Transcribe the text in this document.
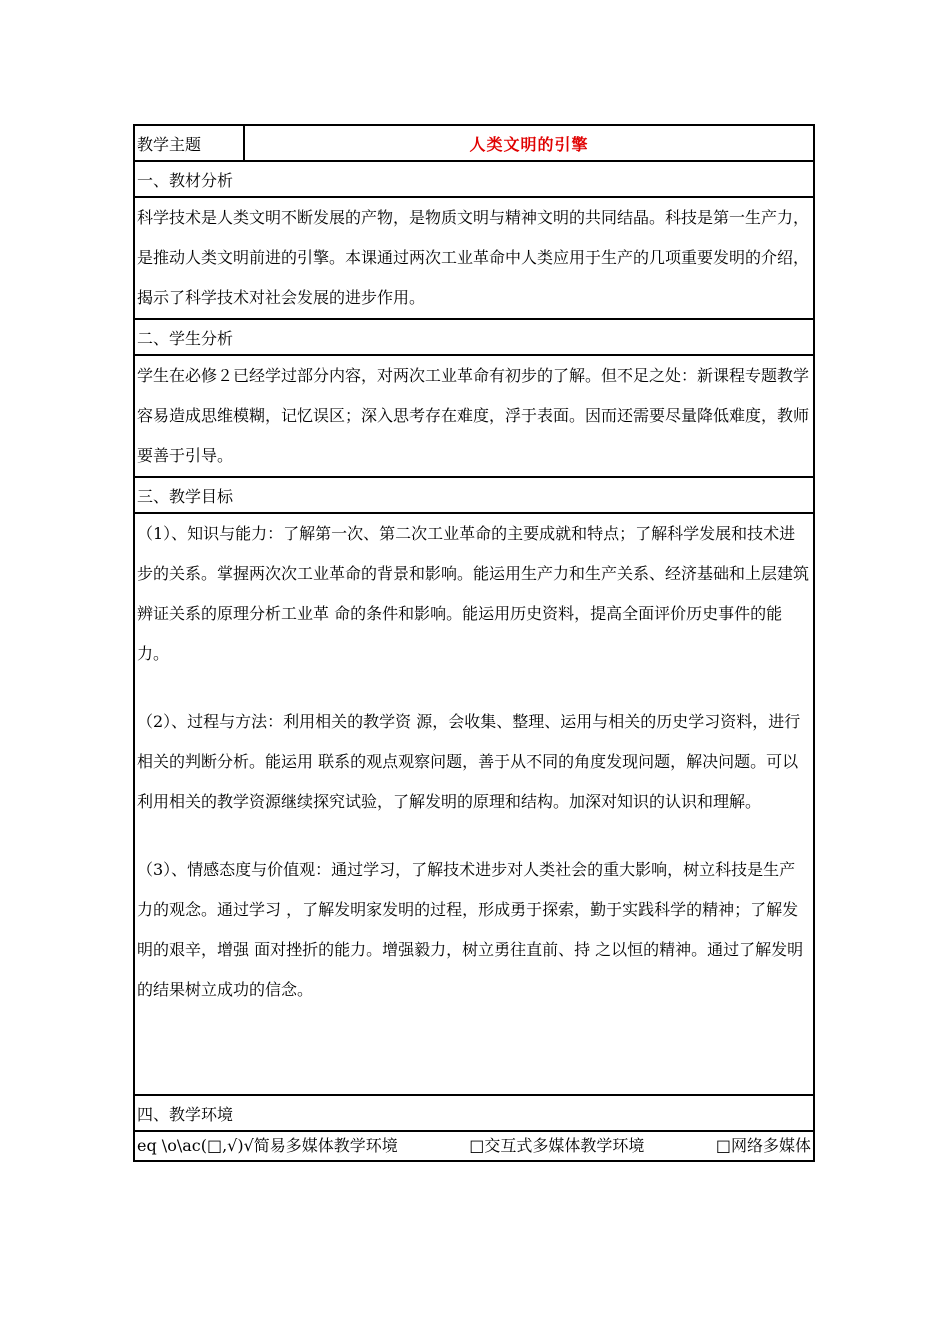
教学主题	人类文明的引擎
一、教材分析

科学技术是人类文明不断发展的产物，是物质文明与精神文明的共同结晶。科技是第一生产力，是推动人类文明前进的引擎。本课通过两次工业革命中人类应用于生产的几项重要发明的介绍，揭示了科学技术对社会发展的进步作用。

二、学生分析

学生在必修２已经学过部分内容，对两次工业革命有初步的了解。但不足之处：新课程专题教学容易造成思维模糊，记忆误区；深入思考存在难度，浮于表面。因而还需要尽量降低难度，教师要善于引导。

三、教学目标

（1）、知识与能力：了解第一次、第二次工业革命的主要成就和特点；了解科学发展和技术进步的关系。掌握两次次工业革命的背景和影响。能运用生产力和生产关系、经济基础和上层建筑辨证关系的原理分析工业革 命的条件和影响。能运用历史资料，提高全面评价历史事件的能力。

（2）、过程与方法：利用相关的教学资 源，会收集、整理、运用与相关的历史学习资料，进行相关的判断分析。能运用 联系的观点观察问题，善于从不同的角度发现问题，解决问题。可以利用相关的教学资源继续探究试验，了解发明的原理和结构。加深对知识的认识和理解。

（3）、情感态度与价值观：通过学习，了解技术进步对人类社会的重大影响，树立科技是生产力的观念。通过学习 ，了解发明家发明的过程，形成勇于探索，勤于实践科学的精神；了解发明的艰辛，增强 面对挫折的能力。增强毅力，树立勇往直前、持 之以恒的精神。通过了解发明的结果树立成功的信念。

四、教学环境

eq \o\ac(□,√)√简易多媒体教学环境	□交互式多媒体教学环境	□网络多媒体
